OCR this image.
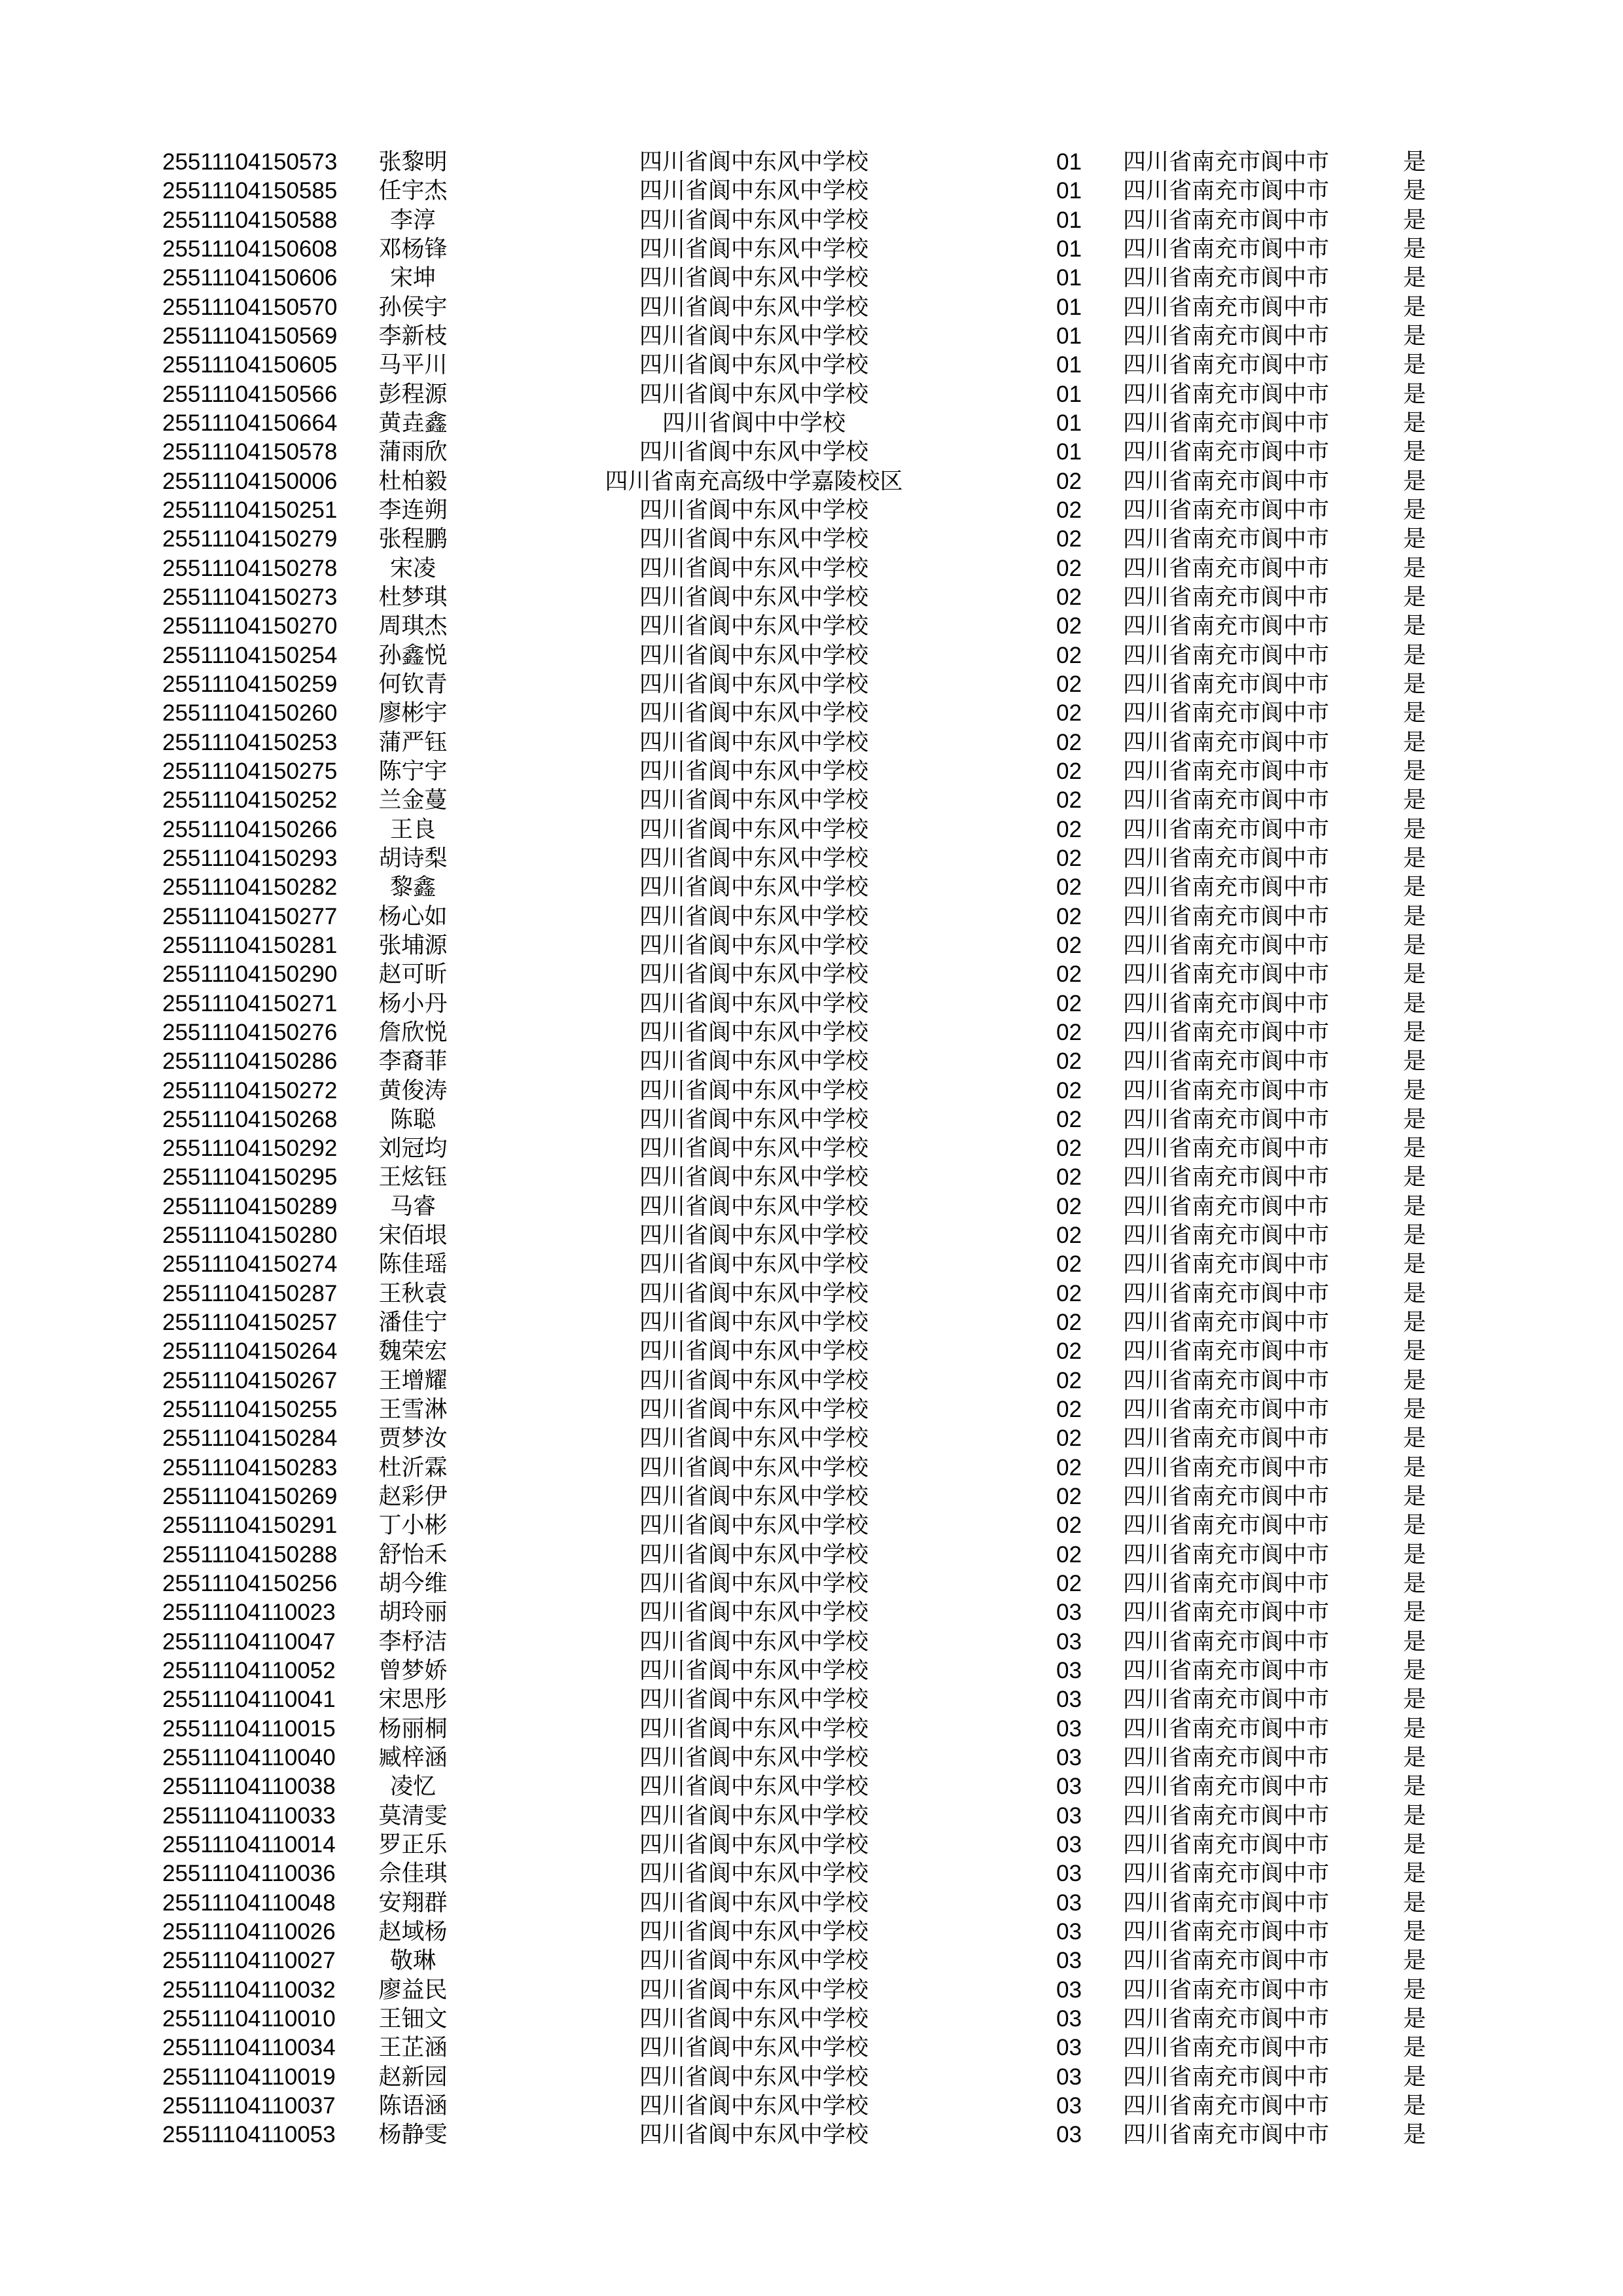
25511104150573	张黎明	四川省阆中东风中学校	01 四川省南充市阆中市	是
25511104150585	任宇杰	四川省阆中东风中学校	01 四川省南充市阆中市	是
25511104150588	李淳	四川省阆中东风中学校	01 四川省南充市阆中市	是
25511104150608	邓杨锋	四川省阆中东风中学校	01 四川省南充市阆中市	是
25511104150606	宋坤	四川省阆中东风中学校	01 四川省南充市阆中市	是
25511104150570	孙侯宇	四川省阆中东风中学校	01 四川省南充市阆中市	是
25511104150569	李新枝	四川省阆中东风中学校	01 四川省南充市阆中市	是
25511104150605	马平川	四川省阆中东风中学校	01 四川省南充市阆中市	是
25511104150566	彭程源	四川省阆中东风中学校	01 四川省南充市阆中市	是
25511104150664	黄垚鑫	四川省阆中中学校	01 四川省南充市阆中市	是
25511104150578	蒲雨欣	四川省阆中东风中学校	01 四川省南充市阆中市	是
25511104150006	杜柏毅	四川省南充高级中学嘉陵校区	02 四川省南充市阆中市	是
25511104150251	李连朔	四川省阆中东风中学校	02 四川省南充市阆中市	是
25511104150279	张程鹏	四川省阆中东风中学校	02 四川省南充市阆中市	是
25511104150278	宋凌	四川省阆中东风中学校	02 四川省南充市阆中市	是
25511104150273	杜梦琪	四川省阆中东风中学校	02 四川省南充市阆中市	是
25511104150270	周琪杰	四川省阆中东风中学校	02 四川省南充市阆中市	是
25511104150254	孙鑫悦	四川省阆中东风中学校	02 四川省南充市阆中市	是
25511104150259	何钦青	四川省阆中东风中学校	02 四川省南充市阆中市	是
25511104150260	廖彬宇	四川省阆中东风中学校	02 四川省南充市阆中市	是
25511104150253	蒲严钰	四川省阆中东风中学校	02 四川省南充市阆中市	是
25511104150275	陈宁宇	四川省阆中东风中学校	02 四川省南充市阆中市	是
25511104150252	兰金蔓	四川省阆中东风中学校	02 四川省南充市阆中市	是
25511104150266	王良	四川省阆中东风中学校	02 四川省南充市阆中市	是
25511104150293	胡诗梨	四川省阆中东风中学校	02 四川省南充市阆中市	是
25511104150282	黎鑫	四川省阆中东风中学校	02 四川省南充市阆中市	是
25511104150277	杨心如	四川省阆中东风中学校	02 四川省南充市阆中市	是
25511104150281	张埔源	四川省阆中东风中学校	02 四川省南充市阆中市	是
25511104150290	赵可昕	四川省阆中东风中学校	02 四川省南充市阆中市	是
25511104150271	杨小丹	四川省阆中东风中学校	02 四川省南充市阆中市	是
25511104150276	詹欣悦	四川省阆中东风中学校	02 四川省南充市阆中市	是
25511104150286	李裔菲	四川省阆中东风中学校	02 四川省南充市阆中市	是
25511104150272	黄俊涛	四川省阆中东风中学校	02 四川省南充市阆中市	是
25511104150268	陈聪	四川省阆中东风中学校	02 四川省南充市阆中市	是
25511104150292	刘冠均	四川省阆中东风中学校	02 四川省南充市阆中市	是
25511104150295	王炫钰	四川省阆中东风中学校	02 四川省南充市阆中市	是
25511104150289	马睿	四川省阆中东风中学校	02 四川省南充市阆中市	是
25511104150280	宋佰垠	四川省阆中东风中学校	02 四川省南充市阆中市	是
25511104150274	陈佳瑶	四川省阆中东风中学校	02 四川省南充市阆中市	是
25511104150287	王秋袁	四川省阆中东风中学校	02 四川省南充市阆中市	是
25511104150257	潘佳宁	四川省阆中东风中学校	02 四川省南充市阆中市	是
25511104150264	魏荣宏	四川省阆中东风中学校	02 四川省南充市阆中市	是
25511104150267	王增耀	四川省阆中东风中学校	02 四川省南充市阆中市	是
25511104150255	王雪淋	四川省阆中东风中学校	02 四川省南充市阆中市	是
25511104150284	贾梦汝	四川省阆中东风中学校	02 四川省南充市阆中市	是
25511104150283	杜沂霖	四川省阆中东风中学校	02 四川省南充市阆中市	是
25511104150269	赵彩伊	四川省阆中东风中学校	02 四川省南充市阆中市	是
25511104150291	丁小彬	四川省阆中东风中学校	02 四川省南充市阆中市	是
25511104150288	舒怡禾	四川省阆中东风中学校	02 四川省南充市阆中市	是
25511104150256	胡今维	四川省阆中东风中学校	02 四川省南充市阆中市	是
25511104110023	胡玲丽	四川省阆中东风中学校	03 四川省南充市阆中市	是
25511104110047	李杼洁	四川省阆中东风中学校	03 四川省南充市阆中市	是
25511104110052	曾梦娇	四川省阆中东风中学校	03 四川省南充市阆中市	是
25511104110041	宋思彤	四川省阆中东风中学校	03 四川省南充市阆中市	是
25511104110015	杨丽桐	四川省阆中东风中学校	03 四川省南充市阆中市	是
25511104110040	臧梓涵	四川省阆中东风中学校	03 四川省南充市阆中市	是
25511104110038	凌忆	四川省阆中东风中学校	03 四川省南充市阆中市	是
25511104110033	莫清雯	四川省阆中东风中学校	03 四川省南充市阆中市	是
25511104110014	罗正乐	四川省阆中东风中学校	03 四川省南充市阆中市	是
25511104110036	佘佳琪	四川省阆中东风中学校	03 四川省南充市阆中市	是
25511104110048	安翔群	四川省阆中东风中学校	03 四川省南充市阆中市	是
25511104110026	赵域杨	四川省阆中东风中学校	03 四川省南充市阆中市	是
25511104110027	敬琳	四川省阆中东风中学校	03 四川省南充市阆中市	是
25511104110032	廖益民	四川省阆中东风中学校	03 四川省南充市阆中市	是
25511104110010	王钿文	四川省阆中东风中学校	03 四川省南充市阆中市	是
25511104110034	王芷涵	四川省阆中东风中学校	03 四川省南充市阆中市	是
25511104110019	赵新园	四川省阆中东风中学校	03 四川省南充市阆中市	是
25511104110037	陈语涵	四川省阆中东风中学校	03 四川省南充市阆中市	是
25511104110053	杨静雯	四川省阆中东风中学校	03 四川省南充市阆中市	是
